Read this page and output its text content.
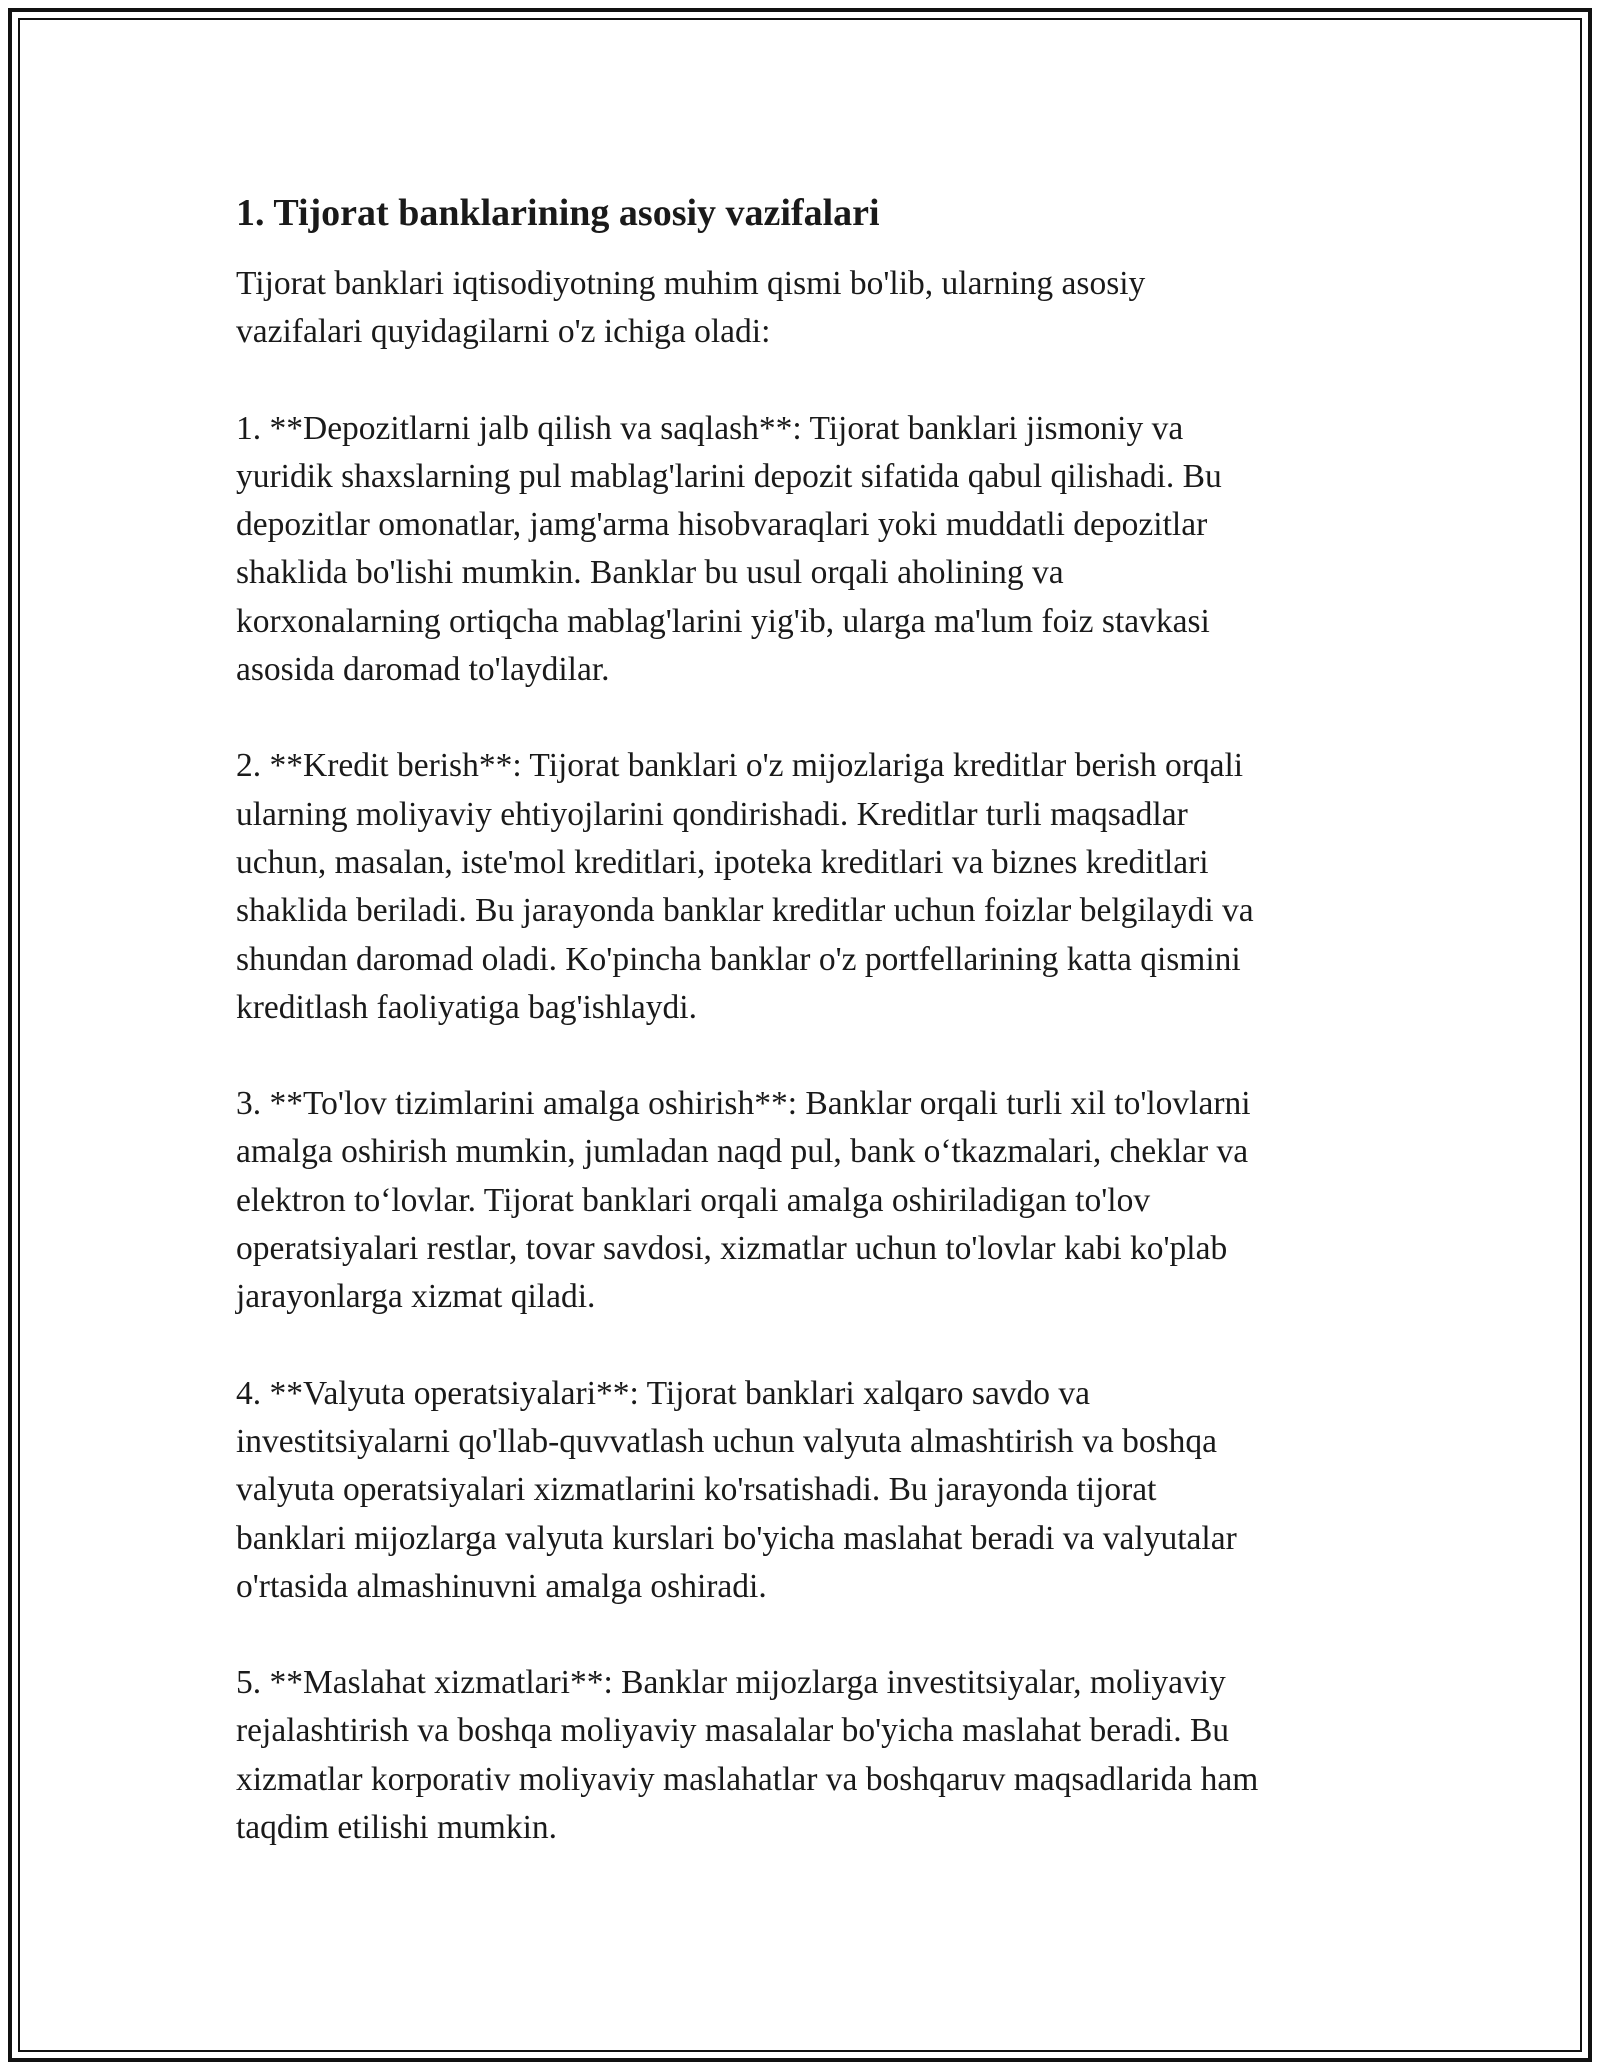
1. Tijorat banklarining asosiy vazifalari

Tijorat banklari iqtisodiyotning muhim qismi bo'lib, ularning asosiy
vazifalari quyidagilarni o'z ichiga oladi:

1. **Depozitlarni jalb qilish va saqlash**: Tijorat banklari jismoniy va
yuridik shaxslarning pul mablag'larini depozit sifatida qabul qilishadi. Bu
depozitlar omonatlar, jamg'arma hisobvaraqlari yoki muddatli depozitlar
shaklida bo'lishi mumkin. Banklar bu usul orqali aholining va
korxonalarning ortiqcha mablag'larini yig'ib, ularga ma'lum foiz stavkasi
asosida daromad to'laydilar.

2. **Kredit berish**: Tijorat banklari o'z mijozlariga kreditlar berish orqali
ularning moliyaviy ehtiyojlarini qondirishadi. Kreditlar turli maqsadlar
uchun, masalan, iste'mol kreditlari, ipoteka kreditlari va biznes kreditlari
shaklida beriladi. Bu jarayonda banklar kreditlar uchun foizlar belgilaydi va
shundan daromad oladi. Ko'pincha banklar o'z portfellarining katta qismini
kreditlash faoliyatiga bag'ishlaydi.

3. **To'lov tizimlarini amalga oshirish**: Banklar orqali turli xil to'lovlarni
amalga oshirish mumkin, jumladan naqd pul, bank o‘tkazmalari, cheklar va
elektron to‘lovlar. Tijorat banklari orqali amalga oshiriladigan to'lov
operatsiyalari restlar, tovar savdosi, xizmatlar uchun to'lovlar kabi ko'plab
jarayonlarga xizmat qiladi.

4. **Valyuta operatsiyalari**: Tijorat banklari xalqaro savdo va
investitsiyalarni qo'llab-quvvatlash uchun valyuta almashtirish va boshqa
valyuta operatsiyalari xizmatlarini ko'rsatishadi. Bu jarayonda tijorat
banklari mijozlarga valyuta kurslari bo'yicha maslahat beradi va valyutalar
o'rtasida almashinuvni amalga oshiradi.

5. **Maslahat xizmatlari**: Banklar mijozlarga investitsiyalar, moliyaviy
rejalashtirish va boshqa moliyaviy masalalar bo'yicha maslahat beradi. Bu
xizmatlar korporativ moliyaviy maslahatlar va boshqaruv maqsadlarida ham
taqdim etilishi mumkin.
